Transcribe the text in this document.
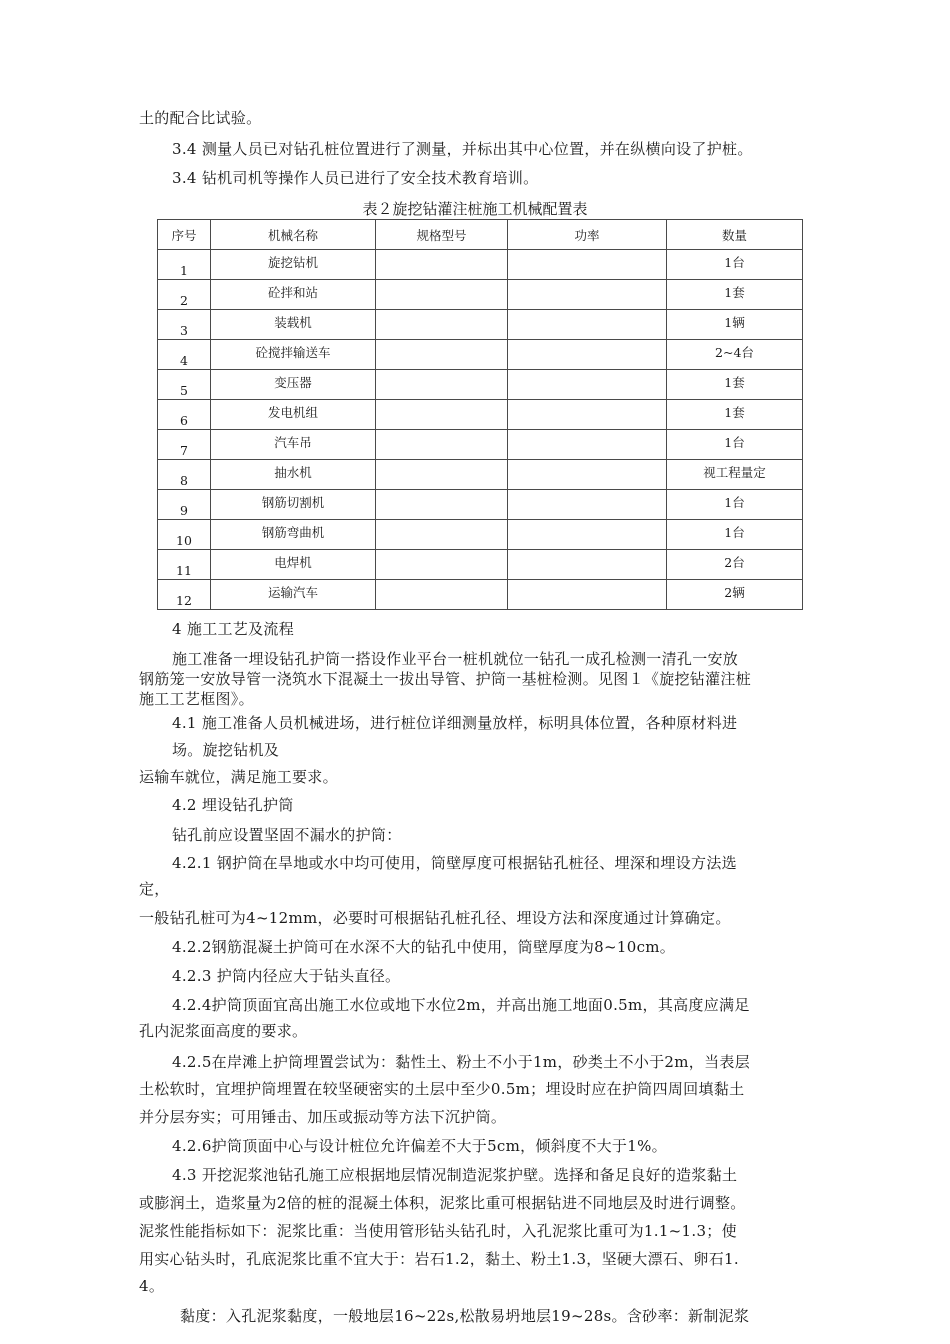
土的配合比试验。
3.4 测量人员已对钻孔桩位置进行了测量，并标出其中心位置，并在纵横向设了护桩。
3.4 钻机司机等操作人员已进行了安全技术教育培训。
表２旋挖钻灌注桩施工机械配置表
序号	机械名称	规格型号	功率	数量

1	旋挖钻机			1台

2	砼拌和站			1套

3	装载机			1辆

4	砼搅拌输送车			2~4台

5	变压器			1套

6	发电机组			1套

7	汽车吊			1台

8	抽水机			视工程量定

9	钢筋切割机			1台

10	钢筋弯曲机			1台

11	电焊机			2台

12	运输汽车			2辆
4 施工工艺及流程
施工准备一埋设钻孔护筒一搭设作业平台一桩机就位一钻孔一成孔检测一清孔一安放
钢筋笼一安放导管一浇筑水下混凝土一拔出导管、护筒一基桩检测。见图１《旋挖钻灌注桩
施工工艺框图》。
4.1 施工准备人员机械进场，进行桩位详细测量放样，标明具体位置，各种原材料进
场。旋挖钻机及
运输车就位，满足施工要求。
4.2 埋设钻孔护筒
钻孔前应设置坚固不漏水的护筒：
4.2.1 钢护筒在旱地或水中均可使用，筒壁厚度可根据钻孔桩径、埋深和埋设方法选
定，
一般钻孔桩可为4~12mm，必要时可根据钻孔桩孔径、埋设方法和深度通过计算确定。
4.2.2钢筋混凝土护筒可在水深不大的钻孔中使用，筒壁厚度为8~10cm。
4.2.3 护筒内径应大于钻头直径。
4.2.4护筒顶面宜高出施工水位或地下水位2m，并高出施工地面0.5m，其高度应满足
孔内泥浆面高度的要求。
4.2.5在岸滩上护筒埋置尝试为：黏性土、粉土不小于1m，砂类土不小于2m，当表层
土松软时，宜埋护筒埋置在较坚硬密实的土层中至少0.5m；埋设时应在护筒四周回填黏土
并分层夯实；可用锤击、加压或振动等方法下沉护筒。
4.2.6护筒顶面中心与设计桩位允许偏差不大于5cm，倾斜度不大于1%。
4.3 开挖泥浆池钻孔施工应根据地层情况制造泥浆护壁。选择和备足良好的造浆黏土
或膨润土，造浆量为2倍的桩的混凝土体积，泥浆比重可根据钻进不同地层及时进行调整。
泥浆性能指标如下：泥浆比重：当使用管形钻头钻孔时，入孔泥浆比重可为1.1~1.3；使
用实心钻头时，孔底泥浆比重不宜大于：岩石1.2，黏土、粉土1.3，坚硬大漂石、卵石1.
4。
黏度：入孔泥浆黏度，一般地层16~22s,松散易坍地层19~28s。含砂率：新制泥浆
